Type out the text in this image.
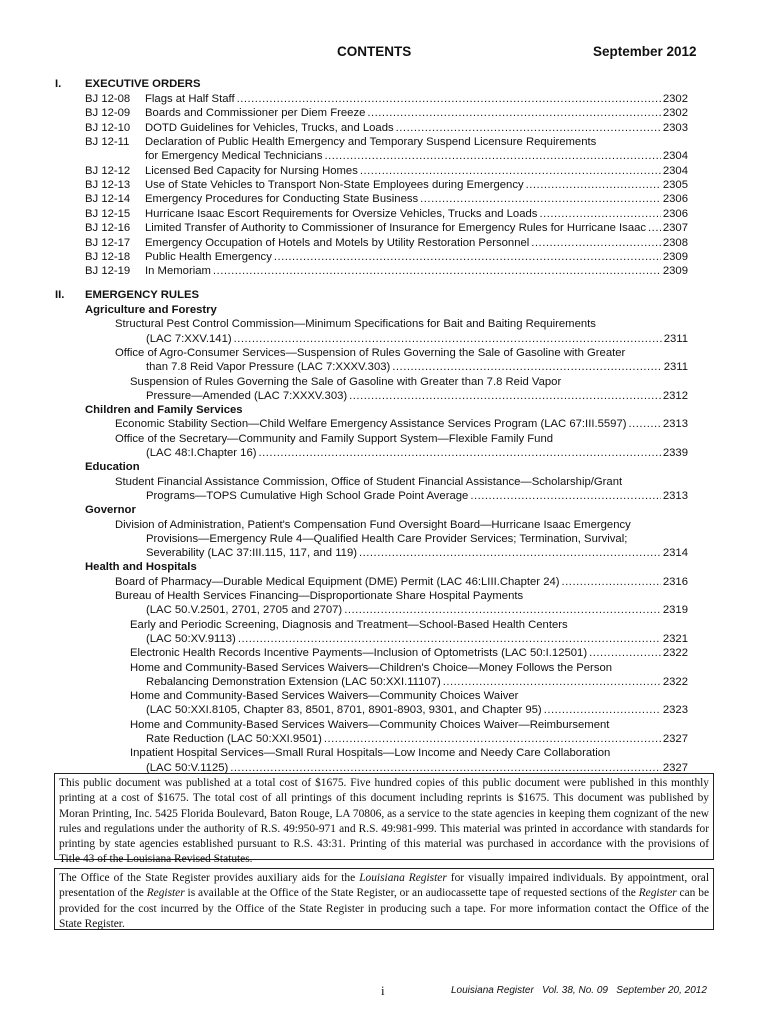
CONTENTS	September 2012
I. EXECUTIVE ORDERS
BJ 12-08	Flags at Half Staff .....	2302
BJ 12-09	Boards and Commissioner per Diem Freeze .....	2302
BJ 12-10	DOTD Guidelines for Vehicles, Trucks, and Loads .....	2303
BJ 12-11	Declaration of Public Health Emergency and Temporary Suspend Licensure Requirements
for Emergency Medical Technicians .....	2304
BJ 12-12	Licensed Bed Capacity for Nursing Homes .....	2304
BJ 12-13	Use of State Vehicles to Transport Non-State Employees during Emergency .....	2305
BJ 12-14	Emergency Procedures for Conducting State Business .....	2306
BJ 12-15	Hurricane Isaac Escort Requirements for Oversize Vehicles, Trucks and Loads .....	2306
BJ 12-16	Limited Transfer of Authority to Commissioner of Insurance for Emergency Rules for Hurricane Isaac ..... 2307
BJ 12-17	Emergency Occupation of Hotels and Motels by Utility Restoration Personnel .....	2308
BJ 12-18	Public Health Emergency .....	2309
BJ 12-19	In Memoriam .....	2309
II. EMERGENCY RULES
Agriculture and Forestry
Structural Pest Control Commission—Minimum Specifications for Bait and Baiting Requirements
(LAC 7:XXV.141) .....	2311
Office of Agro-Consumer Services—Suspension of Rules Governing the Sale of Gasoline with Greater
than 7.8 Reid Vapor Pressure (LAC 7:XXXV.303) .....	2311
Suspension of Rules Governing the Sale of Gasoline with Greater than 7.8 Reid Vapor
Pressure—Amended (LAC 7:XXXV.303) .....	2312
Children and Family Services
Economic Stability Section—Child Welfare Emergency Assistance Services Program (LAC 67:III.5597) .....	2313
Office of the Secretary—Community and Family Support System—Flexible Family Fund
(LAC 48:I.Chapter 16) .....	2339
Education
Student Financial Assistance Commission, Office of Student Financial Assistance—Scholarship/Grant
Programs—TOPS Cumulative High School Grade Point Average .....	2313
Governor
Division of Administration, Patient's Compensation Fund Oversight Board—Hurricane Isaac Emergency
Provisions—Emergency Rule 4—Qualified Health Care Provider Services; Termination, Survival;
Severability (LAC 37:III.115, 117, and 119) .....	2314
Health and Hospitals
Board of Pharmacy—Durable Medical Equipment (DME) Permit (LAC 46:LIII.Chapter 24) .....	2316
Bureau of Health Services Financing—Disproportionate Share Hospital Payments
(LAC 50.V.2501, 2701, 2705 and 2707) .....	2319
Early and Periodic Screening, Diagnosis and Treatment—School-Based Health Centers
(LAC 50:XV.9113) .....	2321
Electronic Health Records Incentive Payments—Inclusion of Optometrists (LAC 50:I.12501) .....	2322
Home and Community-Based Services Waivers—Children's Choice—Money Follows the Person
Rebalancing Demonstration Extension (LAC 50:XXI.11107) .....	2322
Home and Community-Based Services Waivers—Community Choices Waiver
(LAC 50:XXI.8105, Chapter 83, 8501, 8701, 8901-8903, 9301, and Chapter 95) .....	2323
Home and Community-Based Services Waivers—Community Choices Waiver—Reimbursement
Rate Reduction (LAC 50:XXI.9501) .....	2327
Inpatient Hospital Services—Small Rural Hospitals—Low Income and Needy Care Collaboration
(LAC 50:V.1125) .....	2327
This public document was published at a total cost of $1675. Five hundred copies of this public document were published in this monthly printing at a cost of $1675. The total cost of all printings of this document including reprints is $1675. This document was published by Moran Printing, Inc. 5425 Florida Boulevard, Baton Rouge, LA 70806, as a service to the state agencies in keeping them cognizant of the new rules and regulations under the authority of R.S. 49:950-971 and R.S. 49:981-999. This material was printed in accordance with standards for printing by state agencies established pursuant to R.S. 43:31. Printing of this material was purchased in accordance with the provisions of Title 43 of the Louisiana Revised Statutes.
The Office of the State Register provides auxiliary aids for the Louisiana Register for visually impaired individuals. By appointment, oral presentation of the Register is available at the Office of the State Register, or an audiocassette tape of requested sections of the Register can be provided for the cost incurred by the Office of the State Register in producing such a tape. For more information contact the Office of the State Register.
i	Louisiana Register   Vol. 38, No. 09   September 20, 2012
